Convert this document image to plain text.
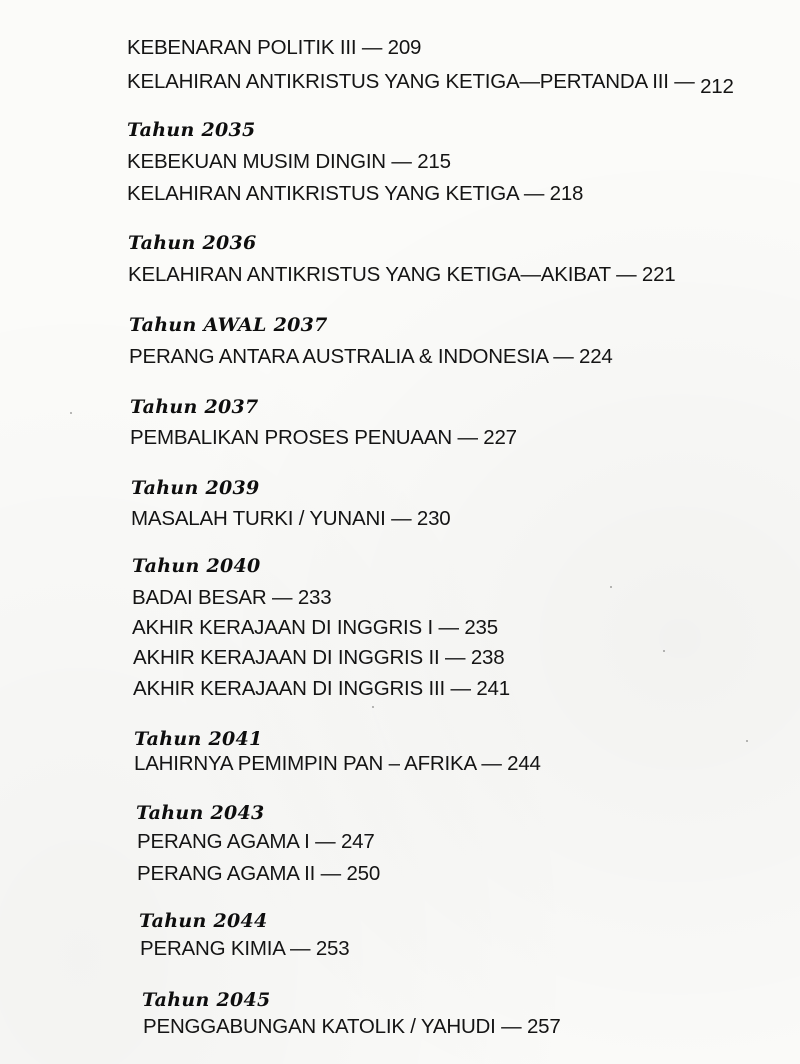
KEBENARAN POLITIK III — 209
KELAHIRAN ANTIKRISTUS YANG KETIGA—PERTANDA III — 212
Tahun 2035
KEBEKUAN MUSIM DINGIN — 215
KELAHIRAN ANTIKRISTUS YANG KETIGA — 218
Tahun 2036
KELAHIRAN ANTIKRISTUS YANG KETIGA—AKIBAT — 221
Tahun AWAL 2037
PERANG ANTARA AUSTRALIA & INDONESIA — 224
Tahun 2037
PEMBALIKAN PROSES PENUAAN — 227
Tahun 2039
MASALAH TURKI / YUNANI — 230
Tahun 2040
BADAI BESAR — 233
AKHIR KERAJAAN DI INGGRIS I — 235
AKHIR KERAJAAN DI INGGRIS II — 238
AKHIR KERAJAAN DI INGGRIS III — 241
Tahun 2041
LAHIRNYA PEMIMPIN PAN – AFRIKA — 244
Tahun 2043
PERANG AGAMA I — 247
PERANG AGAMA II — 250
Tahun 2044
PERANG KIMIA — 253
Tahun 2045
PENGGABUNGAN KATOLIK / YAHUDI — 257
